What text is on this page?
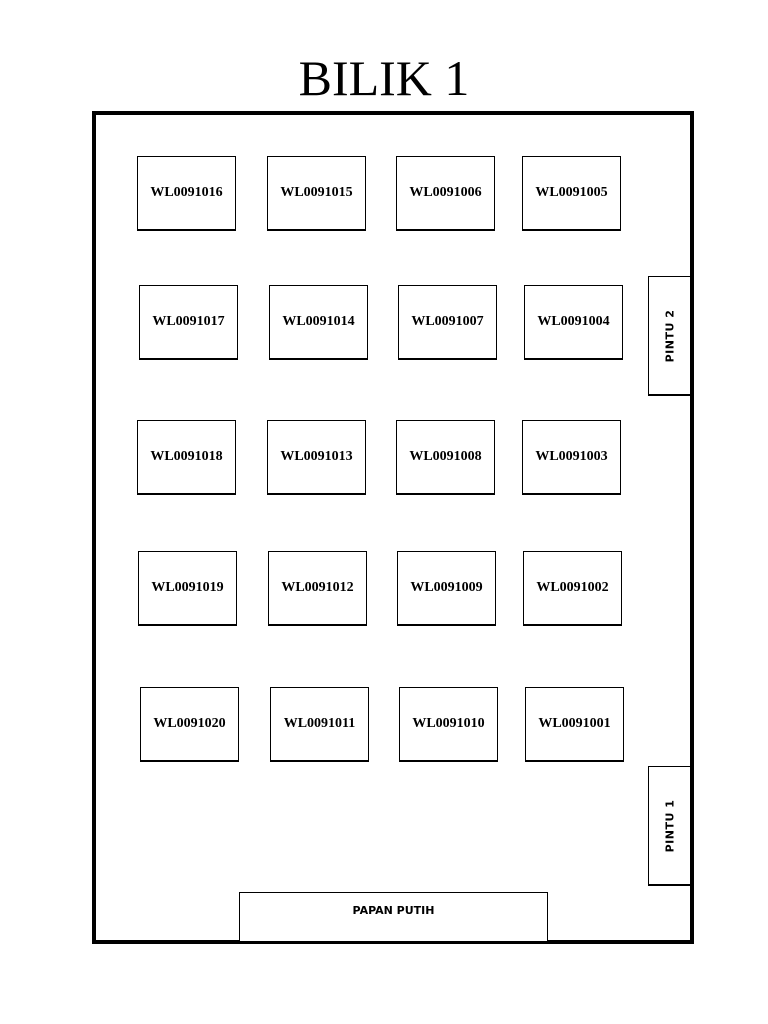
BILIK 1
WL0091016	WL0091015	WL0091006	WL0091005
WL0091017	WL0091014	WL0091007	WL0091004
WL0091018	WL0091013	WL0091008	WL0091003
WL0091019	WL0091012	WL0091009	WL0091002
WL0091020	WL0091011	WL0091010	WL0091001
PINTU 2
PINTU 1
PAPAN PUTIH
